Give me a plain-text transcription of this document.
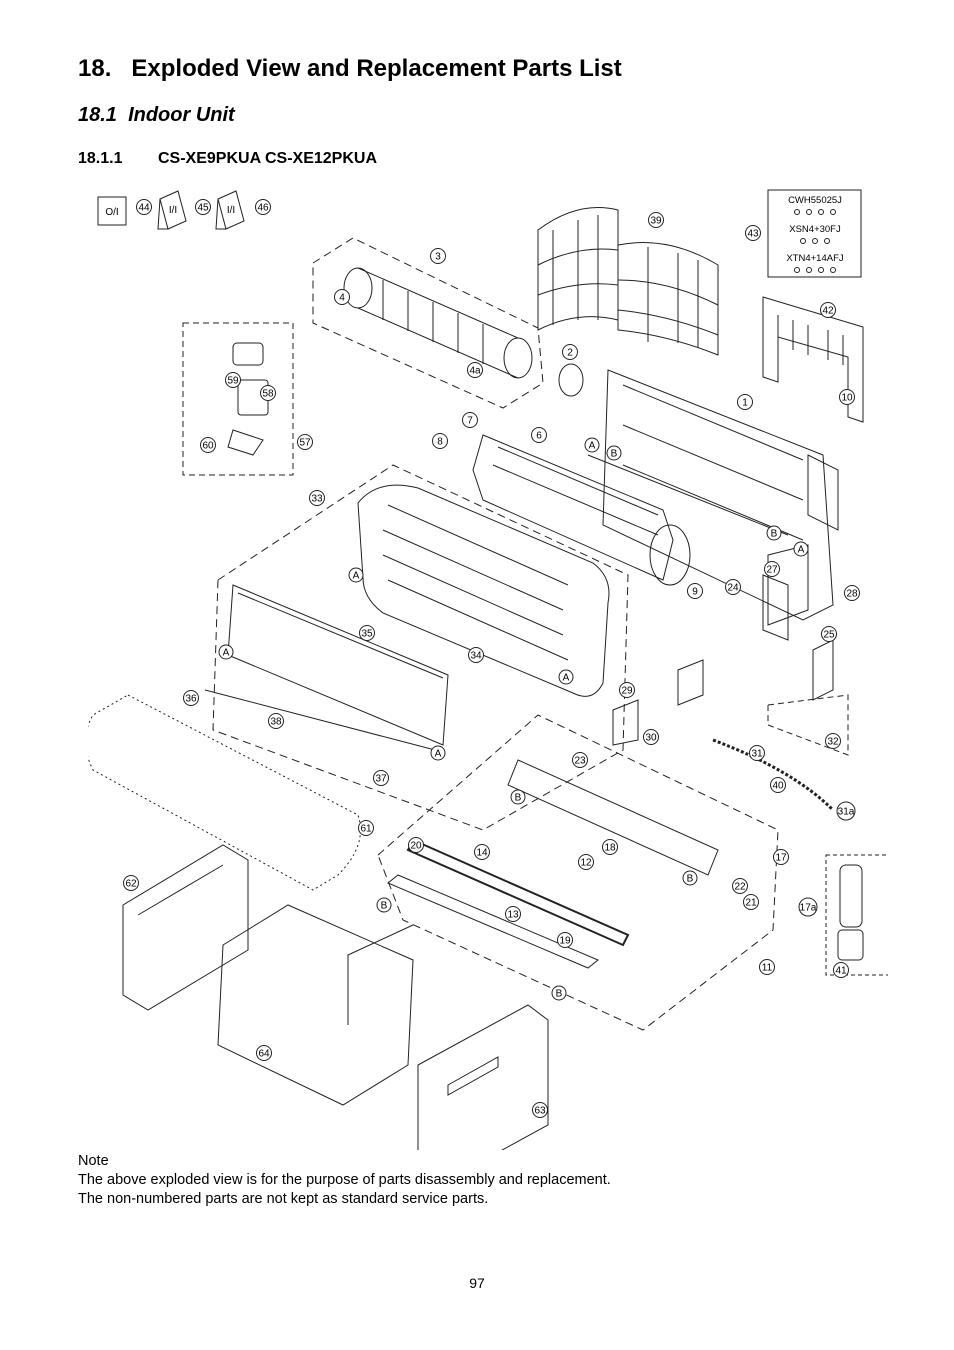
18. Exploded View and Replacement Parts List
18.1 Indoor Unit
18.1.1 CS-XE9PKUA CS-XE12PKUA
1
2
3
4
4a
6
7
8
9
10
11
12
13
14	17
17a
18
19
20
21
22
23
24
25
27
28
29
30
31
31a
32
33
34
35
36
37
38
39
40
41
42
43
44	45	46
57
58
59
60
61
62
63
64
A
B
A
B
A
A
A
A
B
B
B
B
O/I	I/I	I/I
CWH55025J
XSN4+30FJ
XTN4+14AFJ
Note
The above exploded view is for the purpose of parts disassembly and replacement.
The non-numbered parts are not kept as standard service parts.
97
